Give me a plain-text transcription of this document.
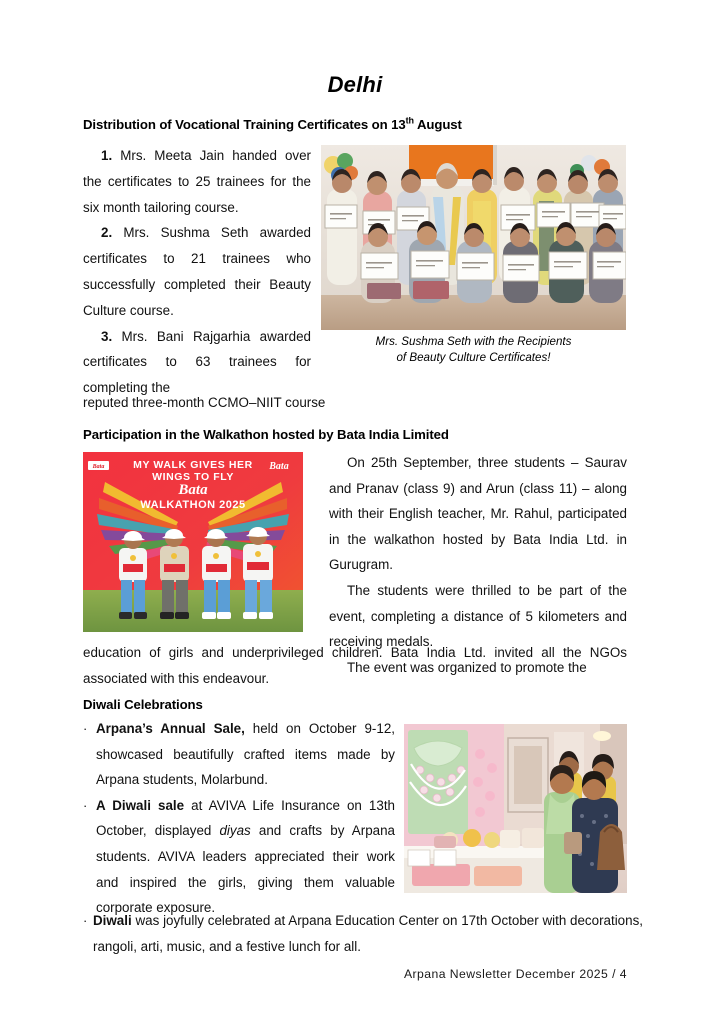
Delhi
Distribution of Vocational Training Certificates on 13th August

1. Mrs. Meeta Jain handed over the certificates to 25 trainees for the six month tailoring course.

2. Mrs. Sushma Seth awarded certificates to 21 trainees who successfully completed their Beauty Culture course.

3. Mrs. Bani Rajgarhia awarded certificates to 63 trainees for completing the

reputed three-month CCMO–NIIT course
Mrs. Sushma Seth with the Recipients
of Beauty Culture Certificates!
Participation in the Walkathon hosted by Bata India Limited
Bata	Bata
MY WALK GIVES HER
WINGS TO FLY
Bata
WALKATHON 2025

On 25th September, three students – Saurav and Pranav (class 9) and Arun (class 11) – along with their English teacher, Mr. Rahul, participated in the walkathon hosted by Bata India Ltd. in Gurugram.

The students were thrilled to be part of the event, completing a distance of 5 kilometers and receiving medals.

The event was organized to promote the

education of girls and underprivileged children. Bata India Ltd. invited all the NGOs associated with this endeavour.

Diwali Celebrations
· Arpana’s Annual Sale, held on October 9-12, showcased beautifully crafted items made by Arpana students, Molarbund.
· A Diwali sale at AVIVA Life Insurance on 13th October, displayed diyas and crafts by Arpana students. AVIVA leaders appreciated their work and inspired the girls, giving them valuable corporate exposure.
· Diwali was joyfully celebrated at Arpana Education Center on 17th October with decorations, rangoli, arti, music, and a festive lunch for all.
Arpana Newsletter December 2025 / 4
